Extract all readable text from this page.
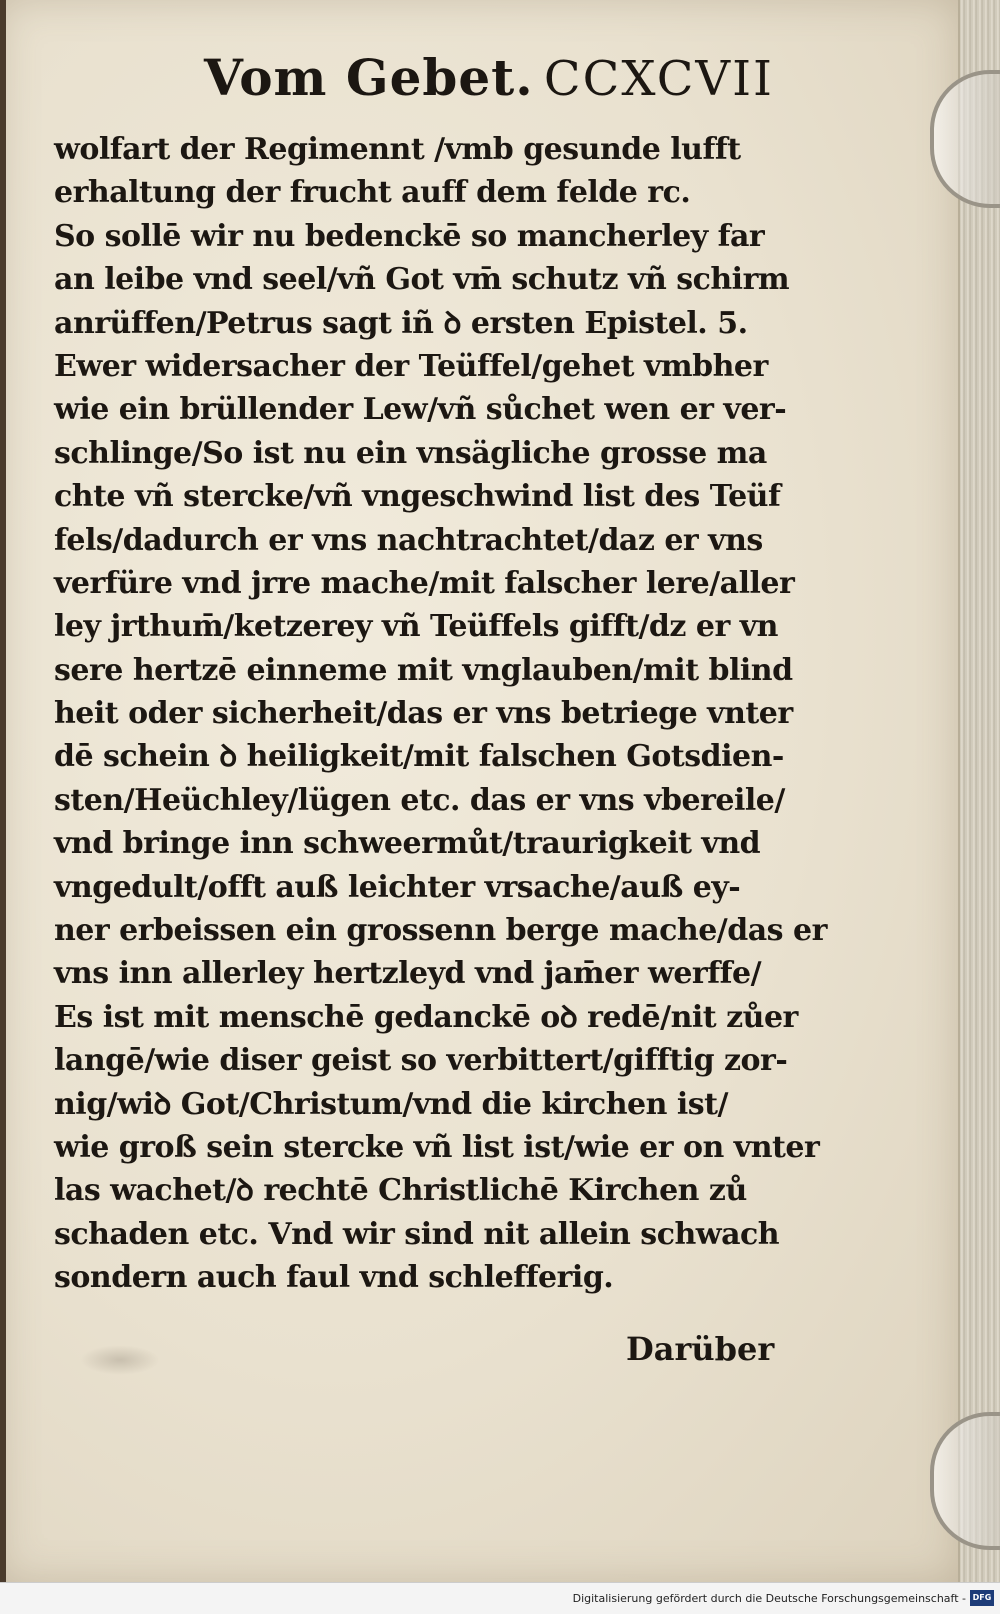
Vom Gebet. CCXCVII
wolfart der Regimennt /vmb gesunde lufft
erhaltung der frucht auff dem felde rc.
So sollē wir nu bedenckē so mancherley far
an leibe vnd seel/vñ Got vm̄ schutz vñ schirm
anrüffen/Petrus sagt iñ ꝺ ersten Epistel. 5.
Ewer widersacher der Teüffel/gehet vmbher
wie ein brüllender Lew/vñ sůchet wen er ver-
schlinge/So ist nu ein vnsägliche grosse ma
chte vñ stercke/vñ vngeschwind list des Teüf
fels/dadurch er vns nachtrachtet/daz er vns
verfüre vnd jrre mache/mit falscher lere/aller
ley jrthum̄/ketzerey vñ Teüffels gifft/dz er vn
sere hertzē einneme mit vnglauben/mit blind
heit oder sicherheit/das er vns betriege vnter
dē schein ꝺ heiligkeit/mit falschen Gotsdien-
sten/Heüchley/lügen etc. das er vns vbereile/
vnd bringe inn schweermůt/traurigkeit vnd
vngedult/offt auß leichter vrsache/auß ey-
ner erbeissen ein grossenn berge mache/das er
vns inn allerley hertzleyd vnd jam̄er werffe/
Es ist mit menschē gedanckē oꝺ redē/nit zůer
langē/wie diser geist so verbittert/gifftig zor-
nig/wiꝺ Got/Christum/vnd die kirchen ist/
wie groß sein stercke vñ list ist/wie er on vnter
las wachet/ꝺ rechtē Christlichē Kirchen zů
schaden etc. Vnd wir sind nit allein schwach
sondern auch faul vnd schlefferig.
Darüber
Digitalisierung gefördert durch die Deutsche Forschungsgemeinschaft - DFG
